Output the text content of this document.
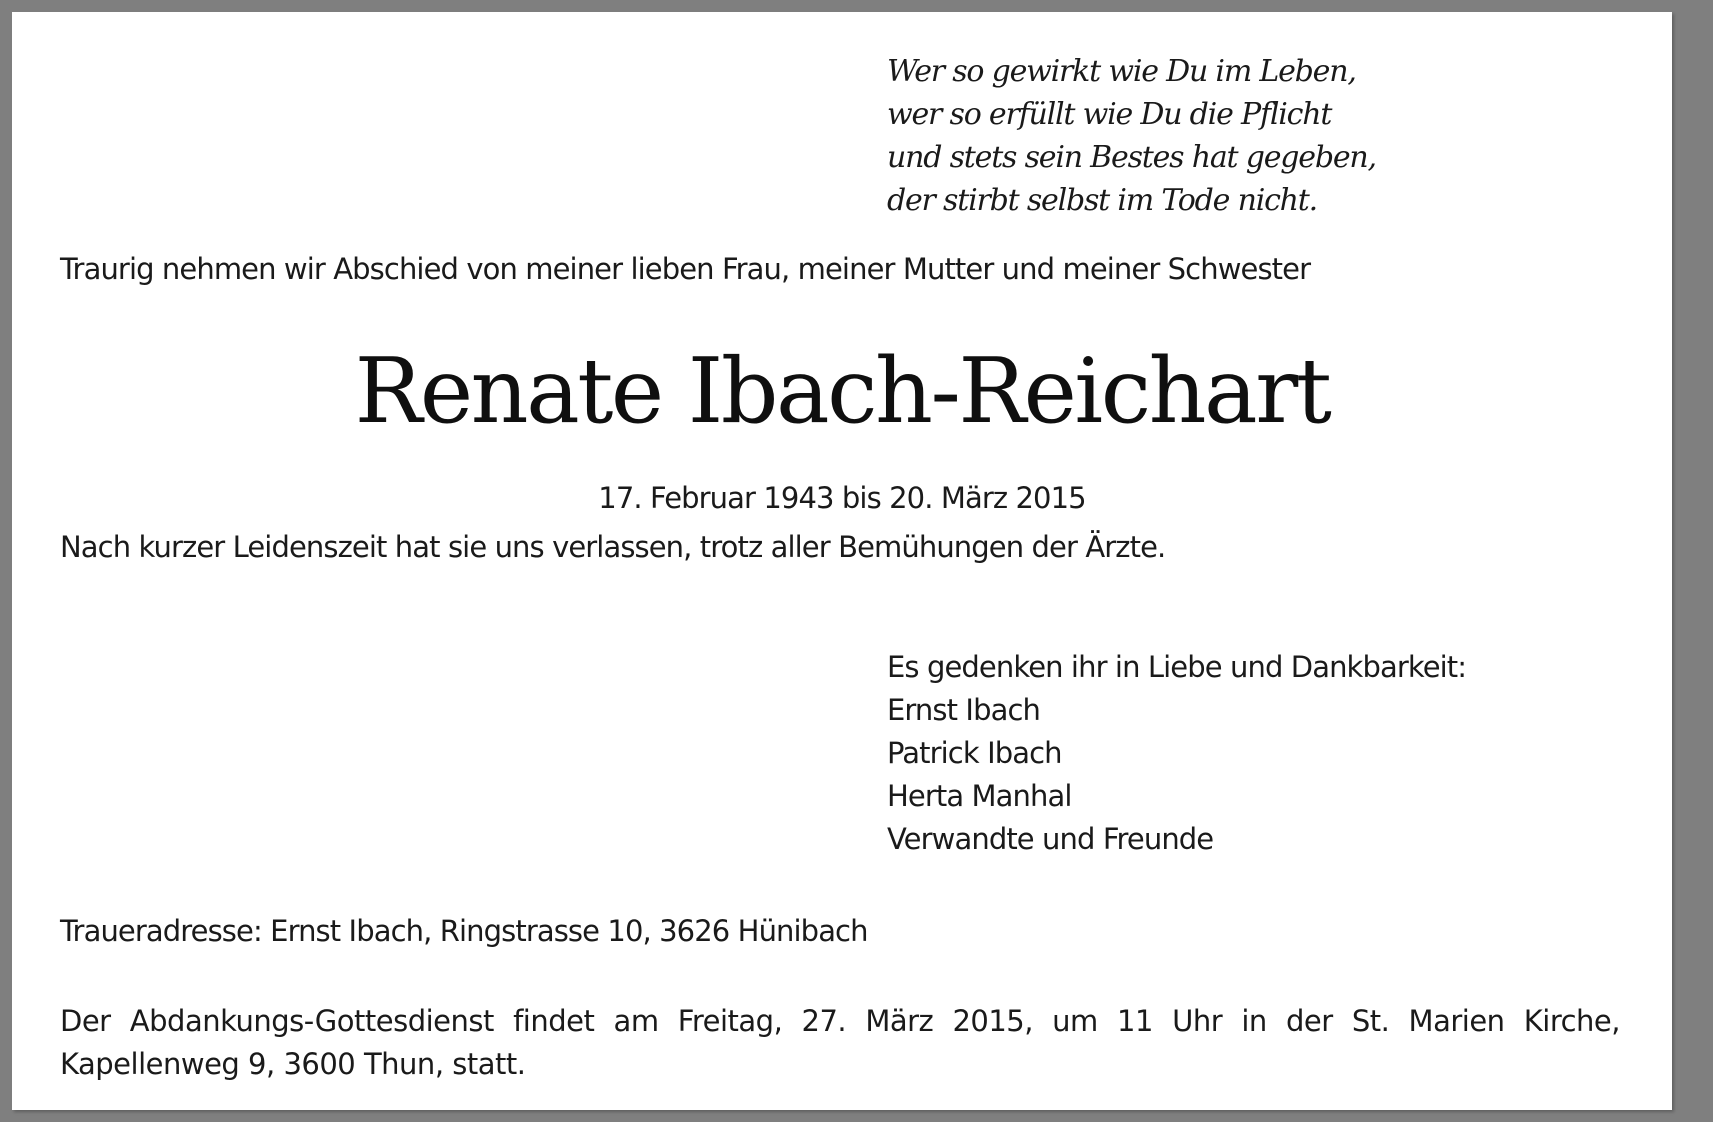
Wer so gewirkt wie Du im Leben,
wer so erfüllt wie Du die Pflicht
und stets sein Bestes hat gegeben,
der stirbt selbst im Tode nicht.
Traurig nehmen wir Abschied von meiner lieben Frau, meiner Mutter und meiner Schwester
Renate Ibach-Reichart
17. Februar 1943 bis 20. März 2015
Nach kurzer Leidenszeit hat sie uns verlassen, trotz aller Bemühungen der Ärzte.
Es gedenken ihr in Liebe und Dankbarkeit:
Ernst Ibach
Patrick Ibach
Herta Manhal
Verwandte und Freunde
Traueradresse: Ernst Ibach, Ringstrasse 10, 3626 Hünibach
Der Abdankungs-Gottesdienst findet am Freitag, 27. März 2015, um 11 Uhr in der St. Marien Kirche,
Kapellenweg 9, 3600 Thun, statt.
